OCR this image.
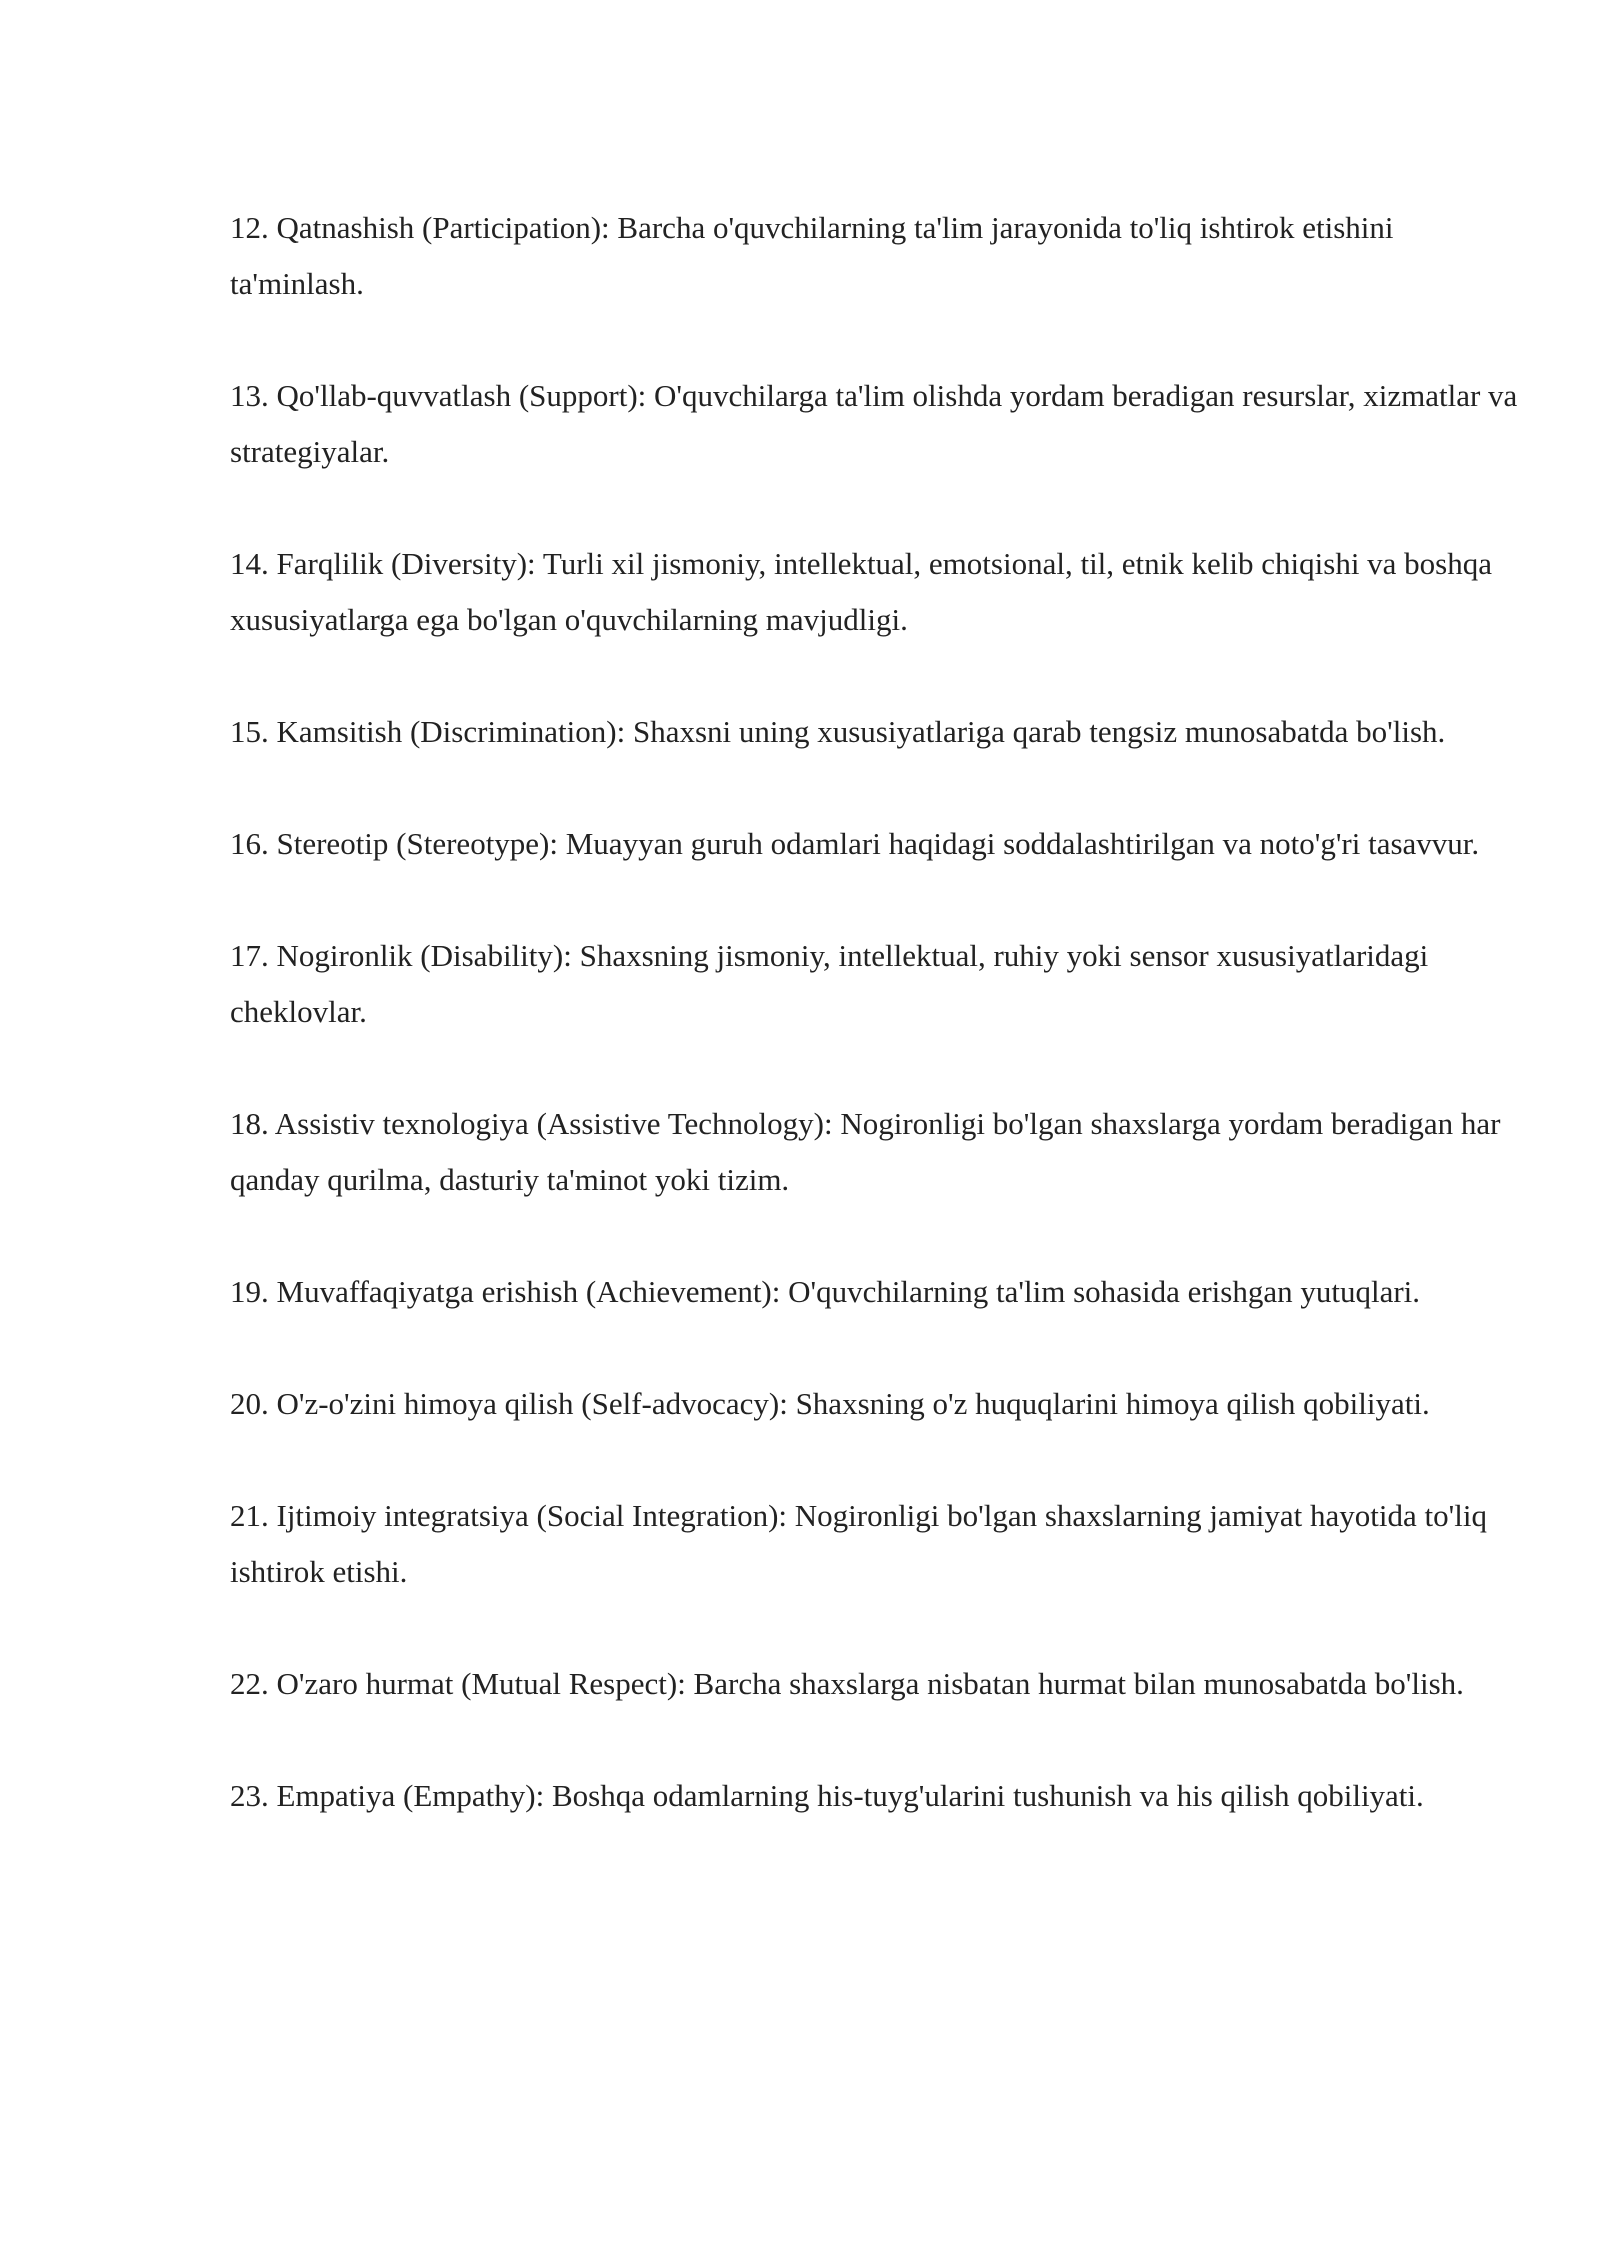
12. Qatnashish (Participation): Barcha o'quvchilarning ta'lim jarayonida to'liq ishtirok etishini ta'minlash.

13. Qo'llab-quvvatlash (Support): O'quvchilarga ta'lim olishda yordam beradigan resurslar, xizmatlar va strategiyalar.

14. Farqlilik (Diversity): Turli xil jismoniy, intellektual, emotsional, til, etnik kelib chiqishi va boshqa xususiyatlarga ega bo'lgan o'quvchilarning mavjudligi.

15. Kamsitish (Discrimination): Shaxsni uning xususiyatlariga qarab tengsiz munosabatda bo'lish.

16. Stereotip (Stereotype): Muayyan guruh odamlari haqidagi soddalashtirilgan va noto'g'ri tasavvur.

17. Nogironlik (Disability): Shaxsning jismoniy, intellektual, ruhiy yoki sensor xususiyatlaridagi cheklovlar.

18. Assistiv texnologiya (Assistive Technology): Nogironligi bo'lgan shaxslarga yordam beradigan har qanday qurilma, dasturiy ta'minot yoki tizim.

19. Muvaffaqiyatga erishish (Achievement): O'quvchilarning ta'lim sohasida erishgan yutuqlari.

20. O'z-o'zini himoya qilish (Self-advocacy): Shaxsning o'z huquqlarini himoya qilish qobiliyati.

21. Ijtimoiy integratsiya (Social Integration): Nogironligi bo'lgan shaxslarning jamiyat hayotida to'liq ishtirok etishi.

22. O'zaro hurmat (Mutual Respect): Barcha shaxslarga nisbatan hurmat bilan munosabatda bo'lish.

23. Empatiya (Empathy): Boshqa odamlarning his-tuyg'ularini tushunish va his qilish qobiliyati.
